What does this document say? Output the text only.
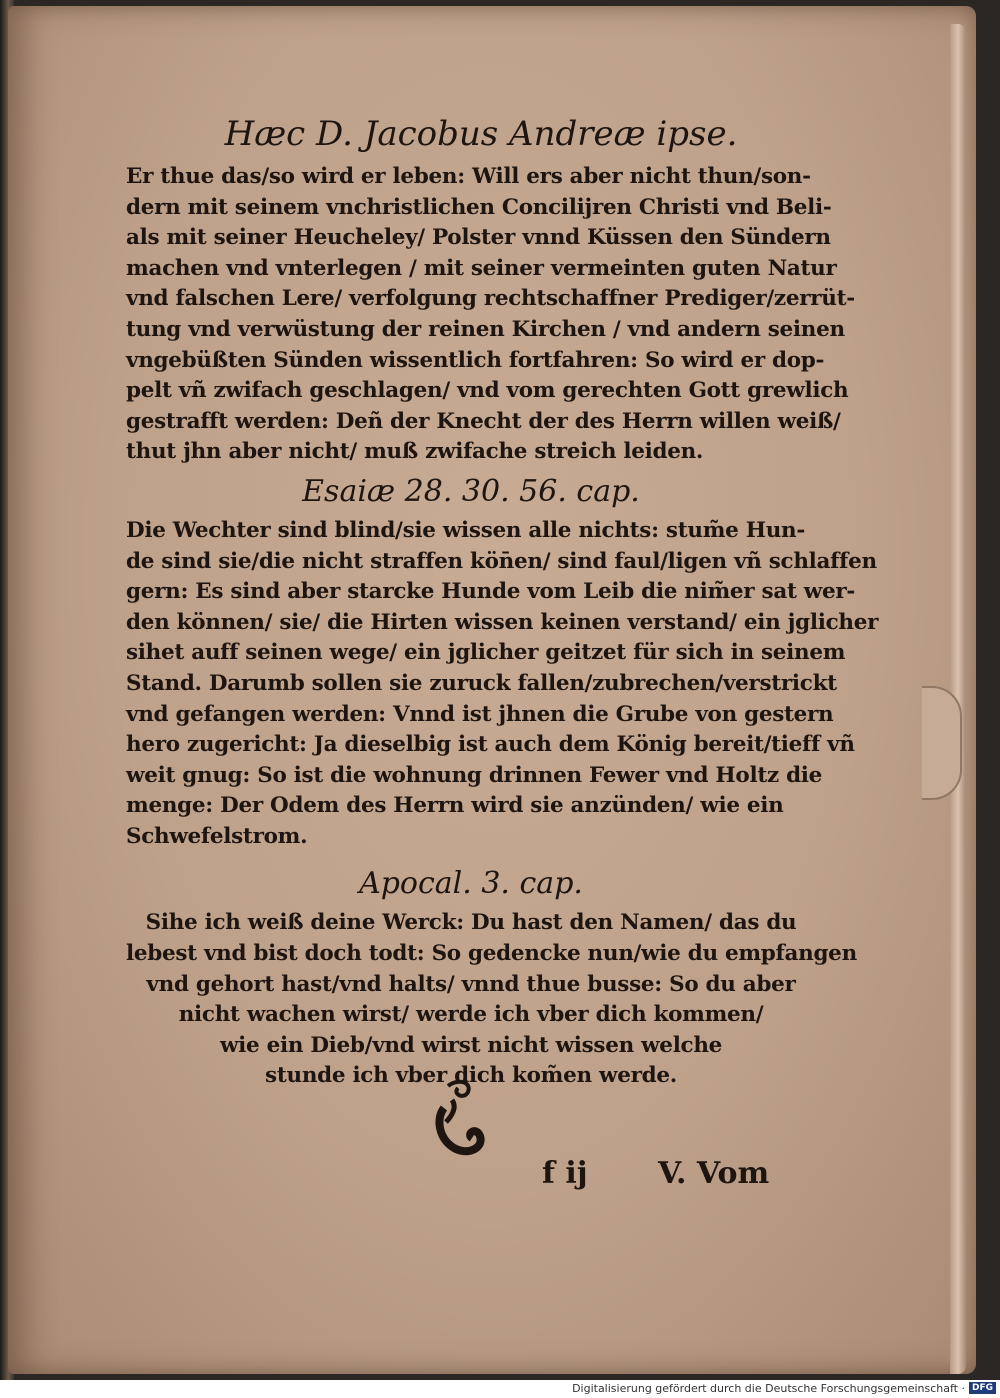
Hæc D. Jacobus Andreæ ipse.

Er thue das/so wird er leben: Will ers aber nicht thun/son-
dern mit seinem vnchristlichen Concilijren Christi vnd Beli-
als mit seiner Heucheley/ Polster vnnd Küssen den Sündern
machen vnd vnterlegen / mit seiner vermeinten guten Natur
vnd falschen Lere/ verfolgung rechtschaffner Prediger/zerrüt-
tung vnd verwüstung der reinen Kirchen / vnd andern seinen
vngebüßten Sünden wissentlich fortfahren: So wird er dop-
pelt vñ zwifach geschlagen/ vnd vom gerechten Gott grewlich
gestrafft werden: Deñ der Knecht der des Herrn willen weiß/
thut jhn aber nicht/ muß zwifache streich leiden.

Esaiæ 28. 30. 56. cap.

Die Wechter sind blind/sie wissen alle nichts: stum̃e Hun-
de sind sie/die nicht straffen kön̄en/ sind faul/ligen vñ schlaffen
gern: Es sind aber starcke Hunde vom Leib die nim̃er sat wer-
den können/ sie/ die Hirten wissen keinen verstand/ ein jglicher
sihet auff seinen wege/ ein jglicher geitzet für sich in seinem
Stand. Darumb sollen sie zuruck fallen/zubrechen/verstrickt
vnd gefangen werden: Vnnd ist jhnen die Grube von gestern
hero zugericht: Ja dieselbig ist auch dem König bereit/tieff vñ
weit gnug: So ist die wohnung drinnen Fewer vnd Holtz die
menge: Der Odem des Herrn wird sie anzünden/ wie ein
Schwefelstrom.

Apocal. 3. cap.

Sihe ich weiß deine Werck: Du hast den Namen/ das du
lebest vnd bist doch todt: So gedencke nun/wie du empfangen
vnd gehort hast/vnd halts/ vnnd thue busse: So du aber
nicht wachen wirst/ werde ich vber dich kommen/
wie ein Dieb/vnd wirst nicht wissen welche
stunde ich vber dich kom̃en werde.
f ij V. Vom
Digitalisierung gefördert durch die Deutsche Forschungsgemeinschaft · DFG
